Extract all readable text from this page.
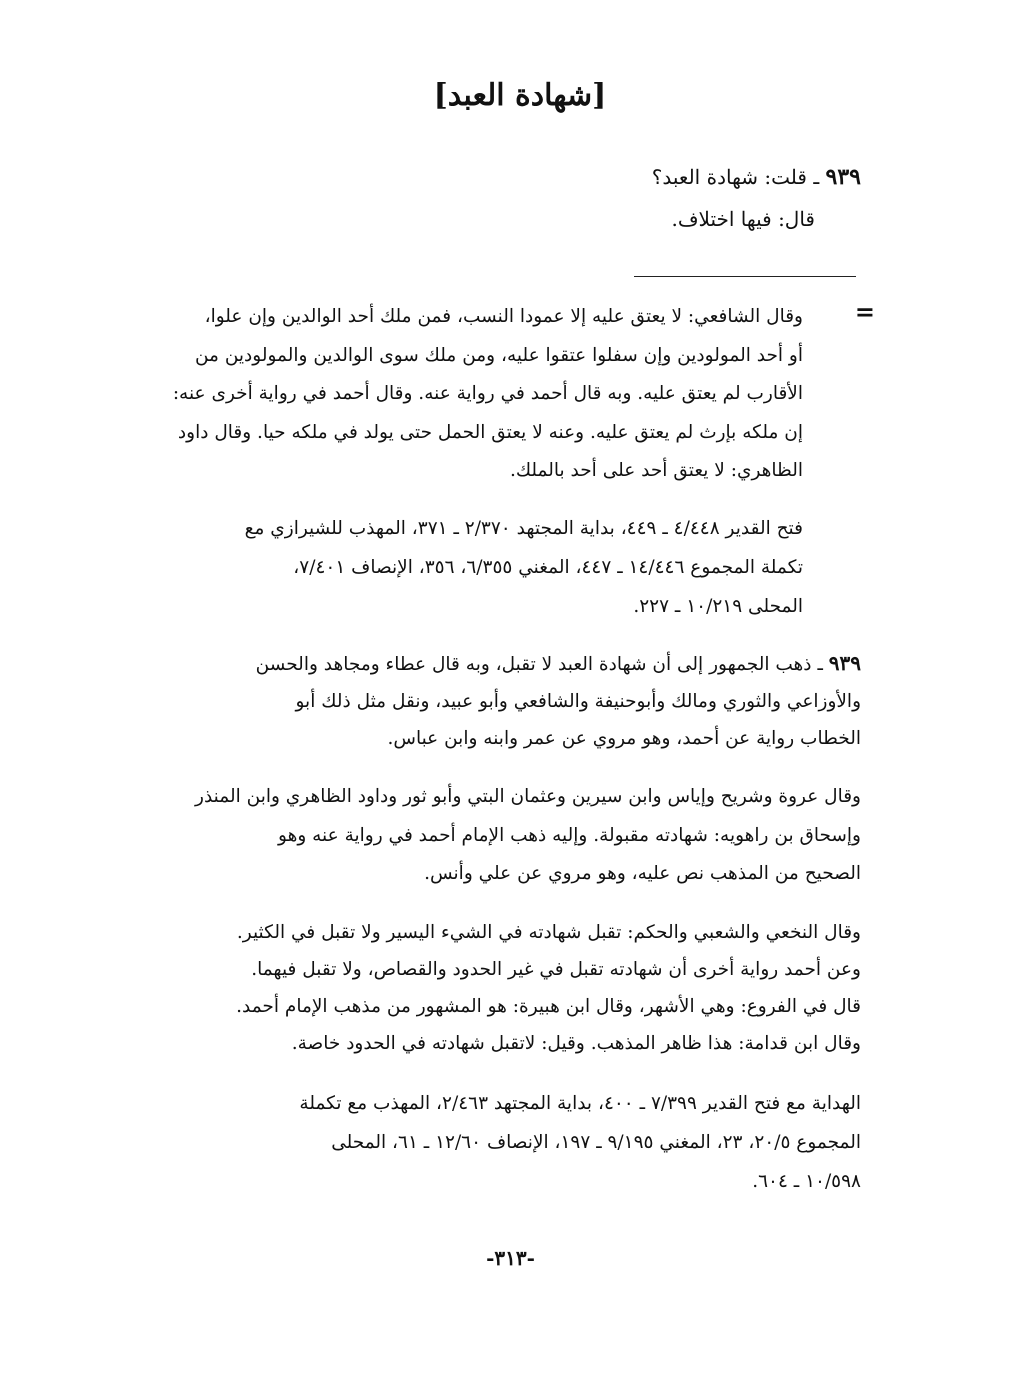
[شهادة العبد]
٩٣٩ ـ قلت: شهادة العبد؟
قال: فيها اختلاف.
=
وقال الشافعي: لا يعتق عليه إلا عمودا النسب، فمن ملك أحد الوالدين وإن علوا،
أو أحد المولودين وإن سفلوا عتقوا عليه، ومن ملك سوى الوالدين والمولودين من
الأقارب لم يعتق عليه. وبه قال أحمد في رواية عنه. وقال أحمد في رواية أخرى عنه:
إن ملكه بإرث لم يعتق عليه. وعنه لا يعتق الحمل حتى يولد في ملكه حيا. وقال داود
الظاهري: لا يعتق أحد على أحد بالملك.
فتح القدير ٤/٤٤٨ ـ ٤٤٩، بداية المجتهد ٢/٣٧٠ ـ ٣٧١، المهذب للشيرازي مع
تكملة المجموع ١٤/٤٤٦ ـ ٤٤٧، المغني ٦/٣٥٥، ٣٥٦، الإنصاف ٧/٤٠١،
المحلى ١٠/٢١٩ ـ ٢٢٧.
٩٣٩ ـ ذهب الجمهور إلى أن شهادة العبد لا تقبل، وبه قال عطاء ومجاهد والحسن
والأوزاعي والثوري ومالك وأبوحنيفة والشافعي وأبو عبيد، ونقل مثل ذلك أبو
الخطاب رواية عن أحمد، وهو مروي عن عمر وابنه وابن عباس.
وقال عروة وشريح وإياس وابن سيرين وعثمان البتي وأبو ثور وداود الظاهري وابن المنذر
وإسحاق بن راهويه: شهادته مقبولة. وإليه ذهب الإمام أحمد في رواية عنه وهو
الصحيح من المذهب نص عليه، وهو مروي عن علي وأنس.
وقال النخعي والشعبي والحكم: تقبل شهادته في الشيء اليسير ولا تقبل في الكثير.
وعن أحمد رواية أخرى أن شهادته تقبل في غير الحدود والقصاص، ولا تقبل فيهما.
قال في الفروع: وهي الأشهر، وقال ابن هبيرة: هو المشهور من مذهب الإمام أحمد.
وقال ابن قدامة: هذا ظاهر المذهب. وقيل: لاتقبل شهادته في الحدود خاصة.
الهداية مع فتح القدير ٧/٣٩٩ ـ ٤٠٠، بداية المجتهد ٢/٤٦٣، المهذب مع تكملة
المجموع ٢٠/٥، ٢٣، المغني ٩/١٩٥ ـ ١٩٧، الإنصاف ١٢/٦٠ ـ ٦١، المحلى
١٠/٥٩٨ ـ ٦٠٤.
-٣١٣-
